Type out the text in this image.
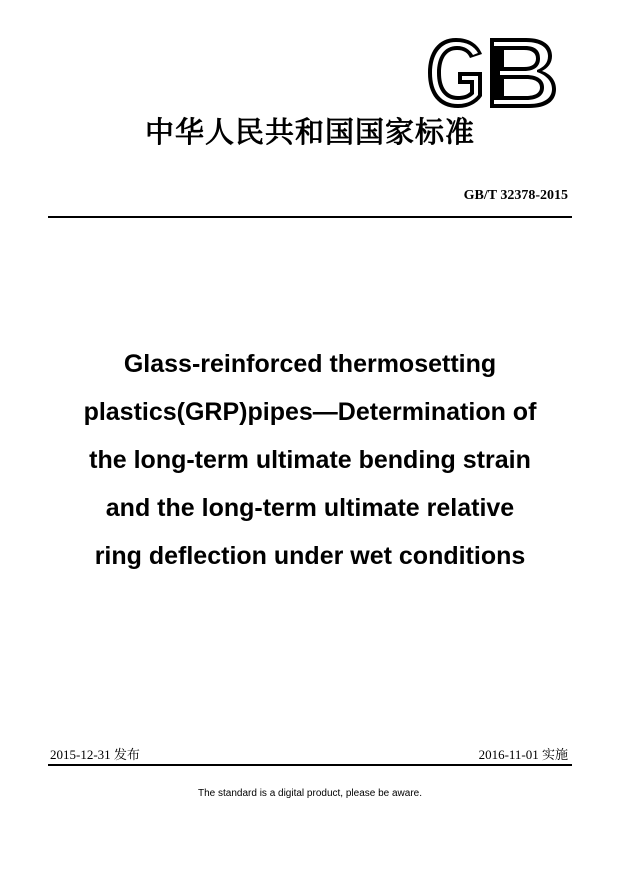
中华人民共和国国家标准
GB/T 32378-2015
Glass-reinforced thermosetting
plastics(GRP)pipes—Determination of
the long-term ultimate bending strain
and the long-term ultimate relative
ring deflection under wet conditions
2015-12-31 发布	2016-11-01 实施
The standard is a digital product, please be aware.
